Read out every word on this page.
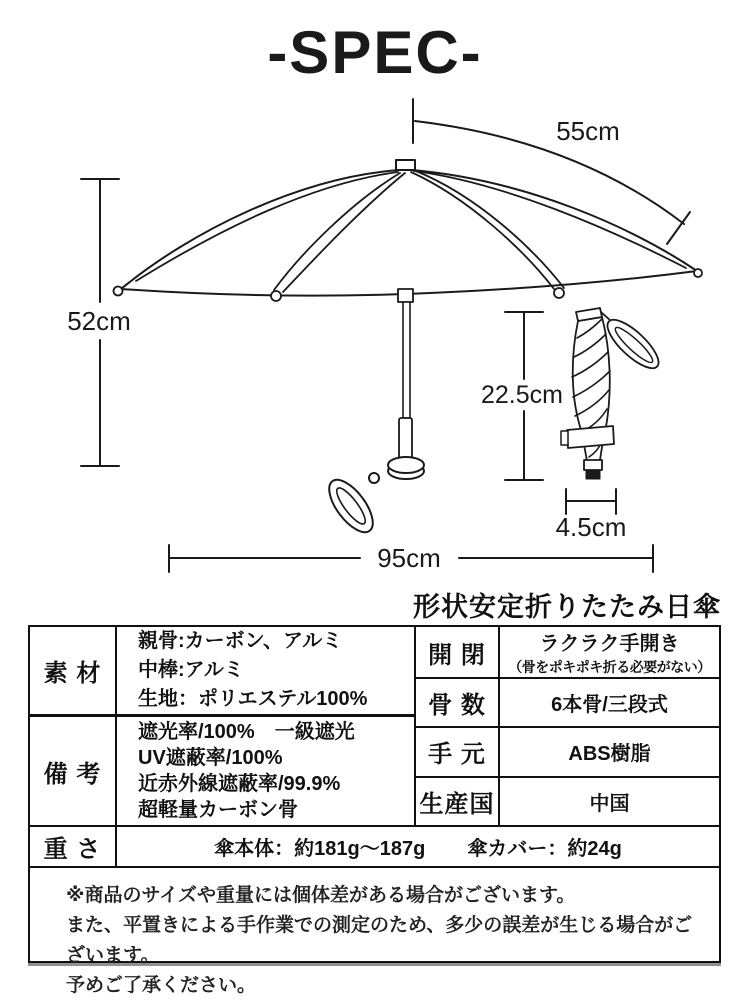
-SPEC-
55cm
52cm
95cm
22.5cm
4.5cm
形状安定折りたたみ日傘
素 材
親骨:カーボン、アルミ
中棒:アルミ
生地：ポリエステル100%
備 考
遮光率/100%　一級遮光
UV遮蔽率/100%
近赤外線遮蔽率/99.9%
超軽量カーボン骨
開 閉	ラクラク手開き
（骨をポキポキ折る必要がない）
骨 数	6本骨/三段式
手 元	ABS樹脂
生産国	中国
重 さ	傘本体：約181g～187g 傘カバー：約24g
※商品のサイズや重量には個体差がある場合がございます。
また、平置きによる手作業での測定のため、多少の誤差が生じる場合がございます。
予めご了承ください。
